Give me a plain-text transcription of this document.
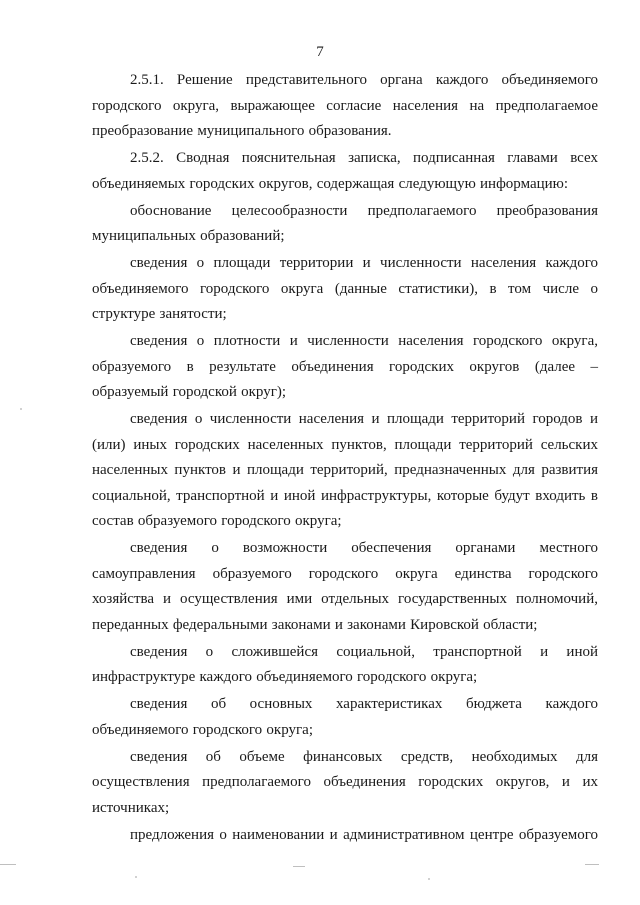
7

2.5.1. Решение представительного органа каждого объединяемого городского округа, выражающее согласие населения на предполагаемое преобразование муниципального образования.

2.5.2. Сводная пояснительная записка, подписанная главами всех объединяемых городских округов, содержащая следующую информацию:

обоснование целесообразности предполагаемого преобразования муниципальных образований;

сведения о площади территории и численности населения каждого объединяемого городского округа (данные статистики), в том числе о структуре занятости;

сведения о плотности и численности населения городского округа, образуемого в результате объединения городских округов (далее – образуемый городской округ);

сведения о численности населения и площади территорий городов и (или) иных городских населенных пунктов, площади территорий сельских населенных пунктов и площади территорий, предназначенных для развития социальной, транспортной и иной инфраструктуры, которые будут входить в состав образуемого городского округа;

сведения о возможности обеспечения органами местного самоуправления образуемого городского округа единства городского хозяйства и осуществления ими отдельных государственных полномочий, переданных федеральными законами и законами Кировской области;

сведения о сложившейся социальной, транспортной и иной инфраструктуре каждого объединяемого городского округа;

сведения об основных характеристиках бюджета каждого объединяемого городского округа;

сведения об объеме финансовых средств, необходимых для осуществления предполагаемого объединения городских округов, и их источниках;

предложения о наименовании и административном центре образуемого
